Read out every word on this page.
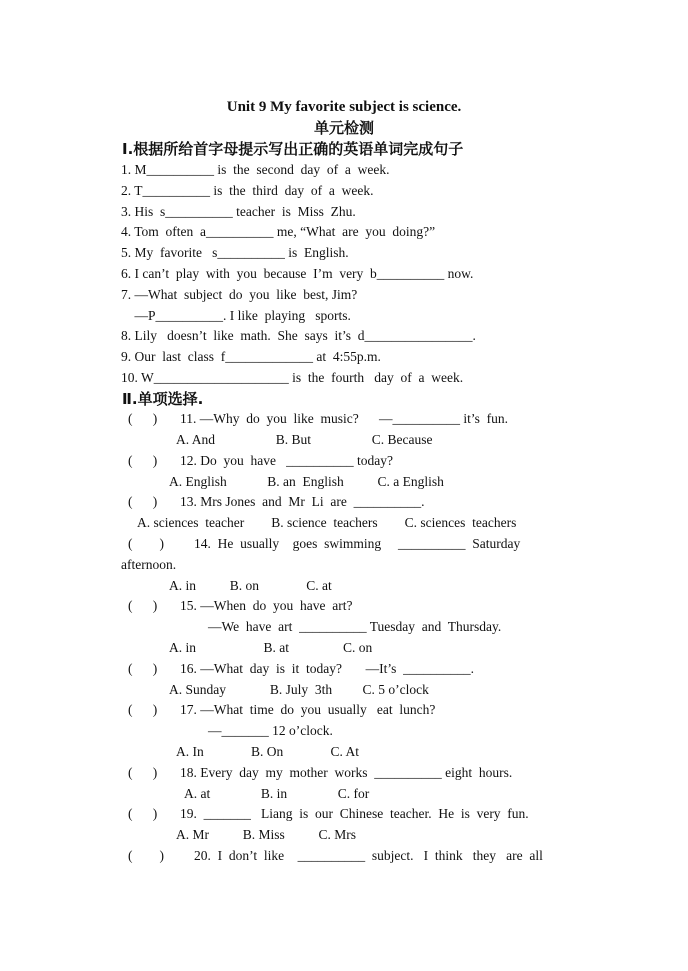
Unit 9 My favorite subject is science.
单元检测
Ⅰ.根据所给首字母提示写出正确的英语单词完成句子
1. M__________ is  the  second  day  of  a  week.
2. T__________ is  the  third  day  of  a  week.
3. His  s__________ teacher  is  Miss  Zhu.
4. Tom  often  a__________ me, “What  are  you  doing?”
5. My  favorite   s__________ is  English.
6. I can’t  play  with  you  because  I’m  very  b__________ now.
7. —What  subject  do  you  like  best, Jim?
—P__________. I like  playing   sports.
8. Lily   doesn’t  like  math.  She  says  it’s  d________________.
9. Our  last  class  f_____________ at  4:55p.m.
10. W____________________ is  the  fourth   day  of  a  week.
Ⅱ.单项选择.
(      ) 11. —Why  do  you  like  music?      —__________ it’s  fun.
A. And                  B. But                  C. Because
(      ) 12. Do  you  have   __________ today?
A. English            B. an  English          C. a English
(      ) 13. Mrs Jones  and  Mr  Li  are  __________.
A. sciences  teacher        B. science  teachers        C. sciences  teachers
(        ) 14.  He  usually    goes  swimming     __________  Saturday
afternoon.
A. in          B. on              C. at
(      ) 15. —When  do  you  have  art?
—We  have  art  __________ Tuesday  and  Thursday.
A. in                    B. at                C. on
(      ) 16. —What  day  is  it  today?       —It’s  __________.
A. Sunday             B. July  3th         C. 5 o’clock
(      ) 17. —What  time  do  you  usually   eat  lunch?
—_______ 12 o’clock.
A. In              B. On              C. At
(      ) 18. Every  day  my  mother  works  __________ eight  hours.
A. at               B. in               C. for
(      ) 19.  _______   Liang  is  our  Chinese  teacher.  He  is  very  fun.
A. Mr          B. Miss          C. Mrs
(        ) 20.  I  don’t  like    __________  subject.   I  think   they   are  all
